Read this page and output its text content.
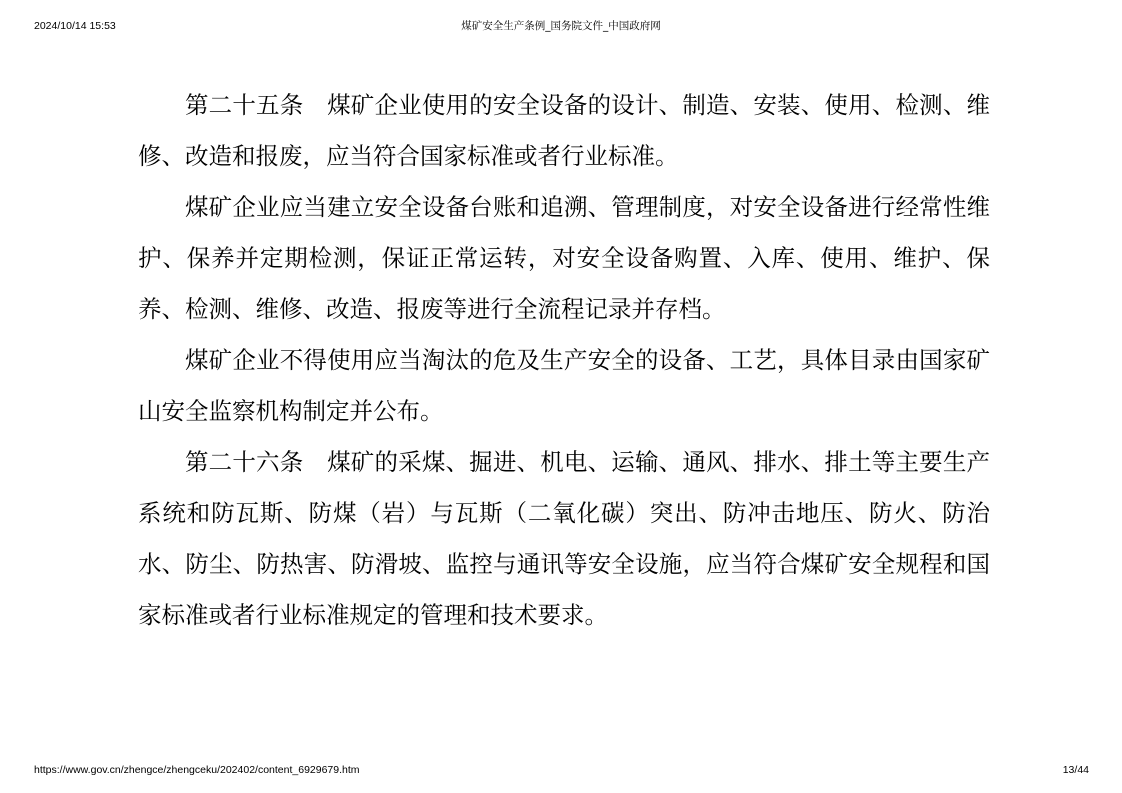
2024/10/14 15:53	煤矿安全生产条例_国务院文件_中国政府网

第二十五条　煤矿企业使用的安全设备的设计、制造、安装、使用、检测、维修、改造和报废，应当符合国家标准或者行业标准。

煤矿企业应当建立安全设备台账和追溯、管理制度，对安全设备进行经常性维护、保养并定期检测，保证正常运转，对安全设备购置、入库、使用、维护、保养、检测、维修、改造、报废等进行全流程记录并存档。

煤矿企业不得使用应当淘汰的危及生产安全的设备、工艺，具体目录由国家矿山安全监察机构制定并公布。

第二十六条　煤矿的采煤、掘进、机电、运输、通风、排水、排土等主要生产系统和防瓦斯、防煤（岩）与瓦斯（二氧化碳）突出、防冲击地压、防火、防治水、防尘、防热害、防滑坡、监控与通讯等安全设施，应当符合煤矿安全规程和国家标准或者行业标准规定的管理和技术要求。

https://www.gov.cn/zhengce/zhengceku/202402/content_6929679.htm	13/44
